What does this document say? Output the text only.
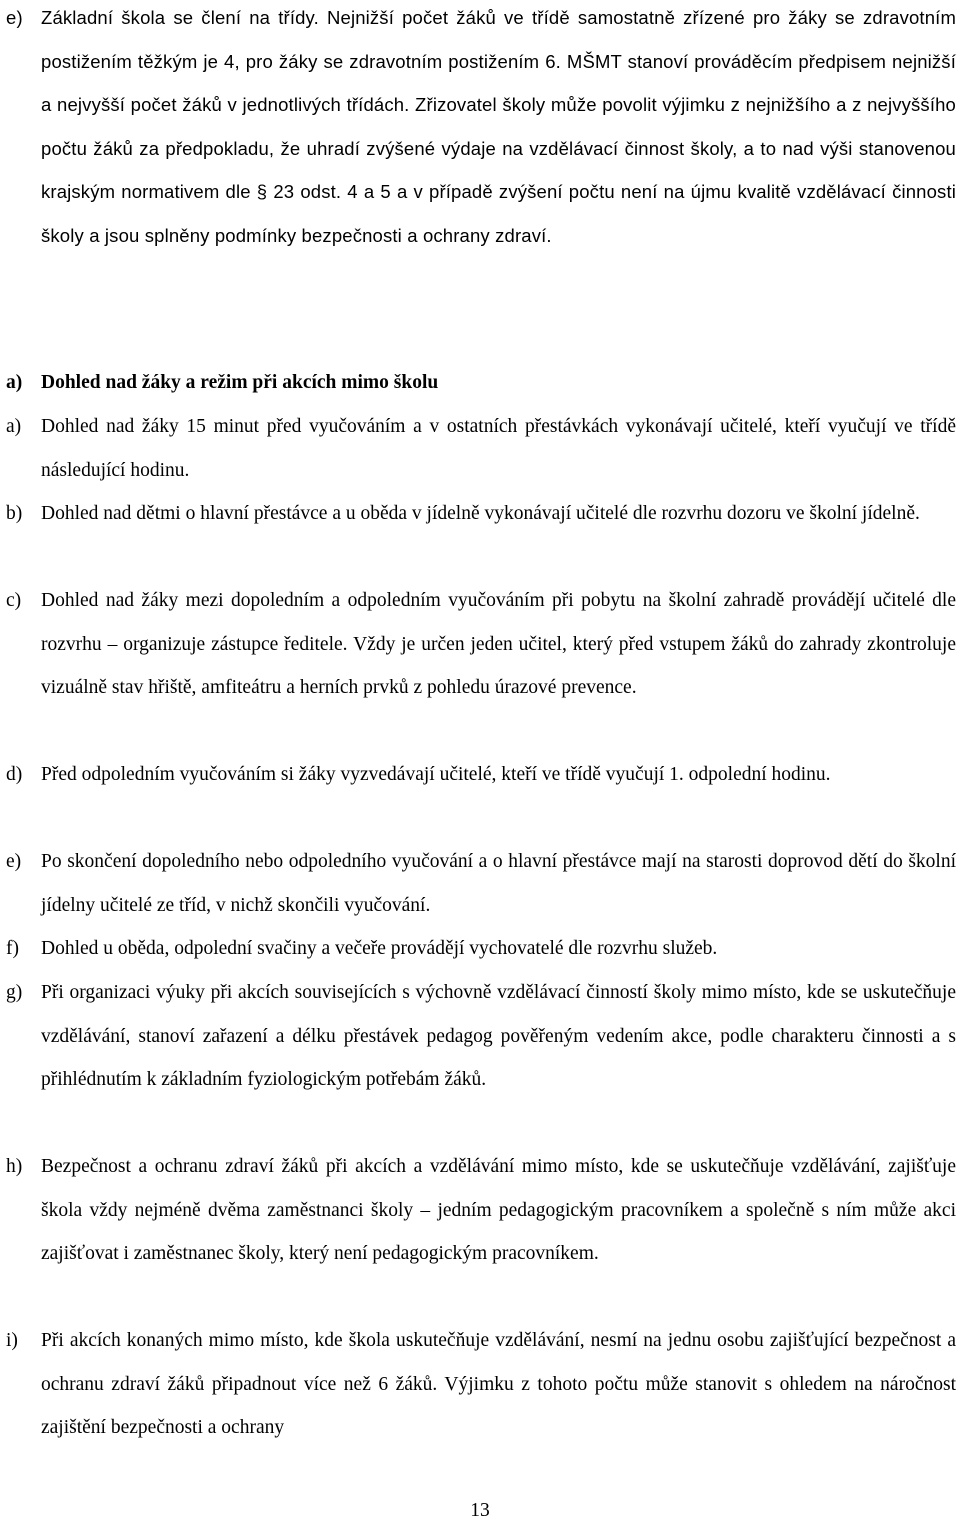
e) Základní škola se člení na třídy. Nejnižší počet žáků ve třídě samostatně zřízené pro žáky se zdravotním postižením těžkým je 4, pro žáky se zdravotním postižením 6. MŠMT stanoví prováděcím předpisem nejnižší a nejvyšší počet žáků v jednotlivých třídách. Zřizovatel školy může povolit výjimku z nejnižšího a z nejvyššího počtu žáků za předpokladu, že uhradí zvýšené výdaje na vzdělávací činnost školy, a to nad výši stanovenou krajským normativem dle § 23 odst. 4 a 5 a v případě zvýšení počtu není na újmu kvalitě vzdělávací činnosti školy a jsou splněny podmínky bezpečnosti a ochrany zdraví.

a) Dohled nad žáky a režim při akcích mimo školu
a)	Dohled nad žáky 15 minut před vyučováním a v ostatních přestávkách vykonávají učitelé, kteří vyučují ve třídě následující hodinu.

b) Dohled nad dětmi o hlavní přestávce a u oběda v jídelně vykonávají učitelé dle rozvrhu dozoru ve školní jídelně.

c)	Dohled nad žáky mezi dopoledním a odpoledním vyučováním při pobytu na školní zahradě provádějí učitelé dle rozvrhu – organizuje zástupce ředitele. Vždy je určen jeden učitel, který před vstupem žáků do zahrady zkontroluje vizuálně stav hřiště, amfiteátru a herních prvků z pohledu úrazové prevence.

d) Před odpoledním vyučováním si žáky vyzvedávají učitelé, kteří ve třídě vyučují 1. odpolední hodinu.

e)	Po skončení dopoledního nebo odpoledního vyučování a o hlavní přestávce mají na starosti doprovod dětí do školní jídelny učitelé ze tříd, v nichž skončili vyučování.

f)	Dohled u oběda, odpolední svačiny a večeře provádějí vychovatelé dle rozvrhu služeb.

g) Při organizaci výuky při akcích souvisejících s výchovně vzdělávací činností školy mimo místo, kde se uskutečňuje vzdělávání, stanoví zařazení a délku přestávek pedagog pověřeným vedením akce, podle charakteru činnosti a s přihlédnutím k základním fyziologickým potřebám žáků.

h) Bezpečnost a ochranu zdraví žáků při akcích a vzdělávání mimo místo, kde se uskutečňuje vzdělávání, zajišťuje škola vždy nejméně dvěma zaměstnanci školy – jedním pedagogickým pracovníkem a společně s ním může akci zajišťovat i zaměstnanec školy, který není pedagogickým pracovníkem.

i)	Při akcích konaných mimo místo, kde škola uskutečňuje vzdělávání, nesmí na jednu osobu zajišťující bezpečnost a ochranu zdraví žáků připadnout více než 6 žáků. Výjimku z tohoto počtu může stanovit s ohledem na náročnost zajištění bezpečnosti a ochrany

13
